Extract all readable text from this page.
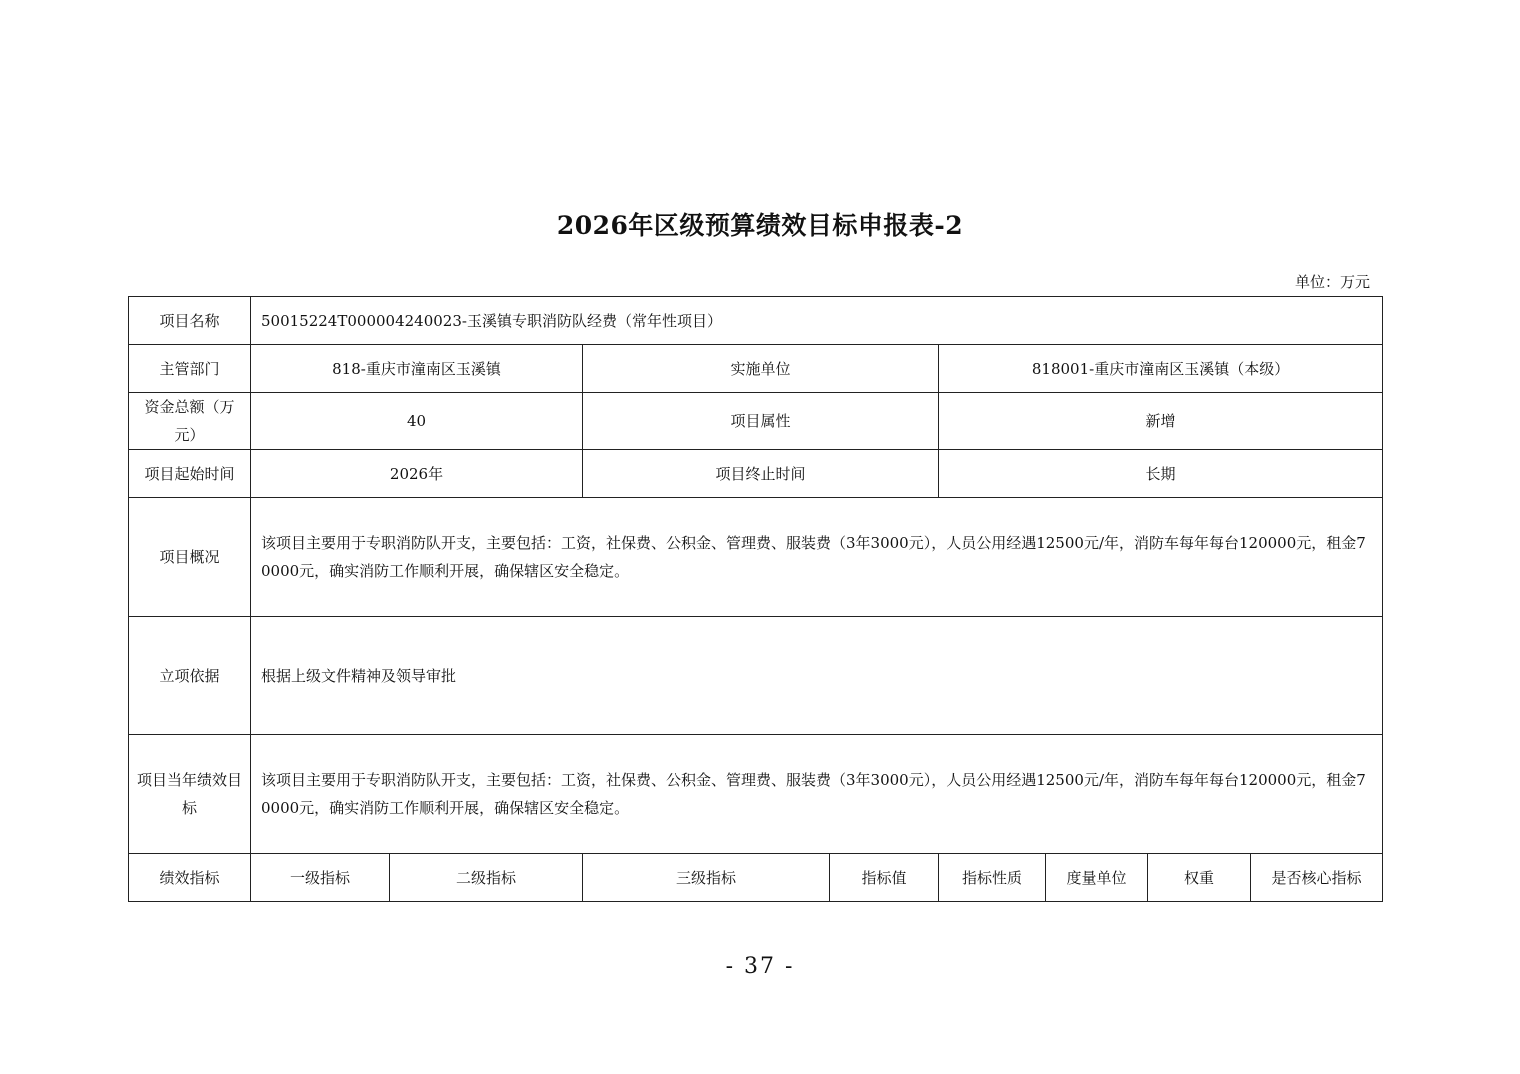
2026年区级预算绩效目标申报表-2
单位：万元
项目名称	50015224T000004240023-玉溪镇专职消防队经费（常年性项目）							
主管部门	818-重庆市潼南区玉溪镇		实施单位		818001-重庆市潼南区玉溪镇（本级）			
资金总额（万元）	40		项目属性		新增			
项目起始时间	2026年		项目终止时间		长期			
项目概况	该项目主要用于专职消防队开支，主要包括：工资，社保费、公积金、管理费、服装费（3年3000元），人员公用经遇12500元/年，消防车每年每台120000元，租金70000元，确实消防工作顺利开展，确保辖区安全稳定。							
立项依据	根据上级文件精神及领导审批							
项目当年绩效目标	该项目主要用于专职消防队开支，主要包括：工资，社保费、公积金、管理费、服装费（3年3000元），人员公用经遇12500元/年，消防车每年每台120000元，租金70000元，确实消防工作顺利开展，确保辖区安全稳定。							
绩效指标	一级指标	二级指标	三级指标	指标值	指标性质	度量单位	权重	是否核心指标
- 37 -
